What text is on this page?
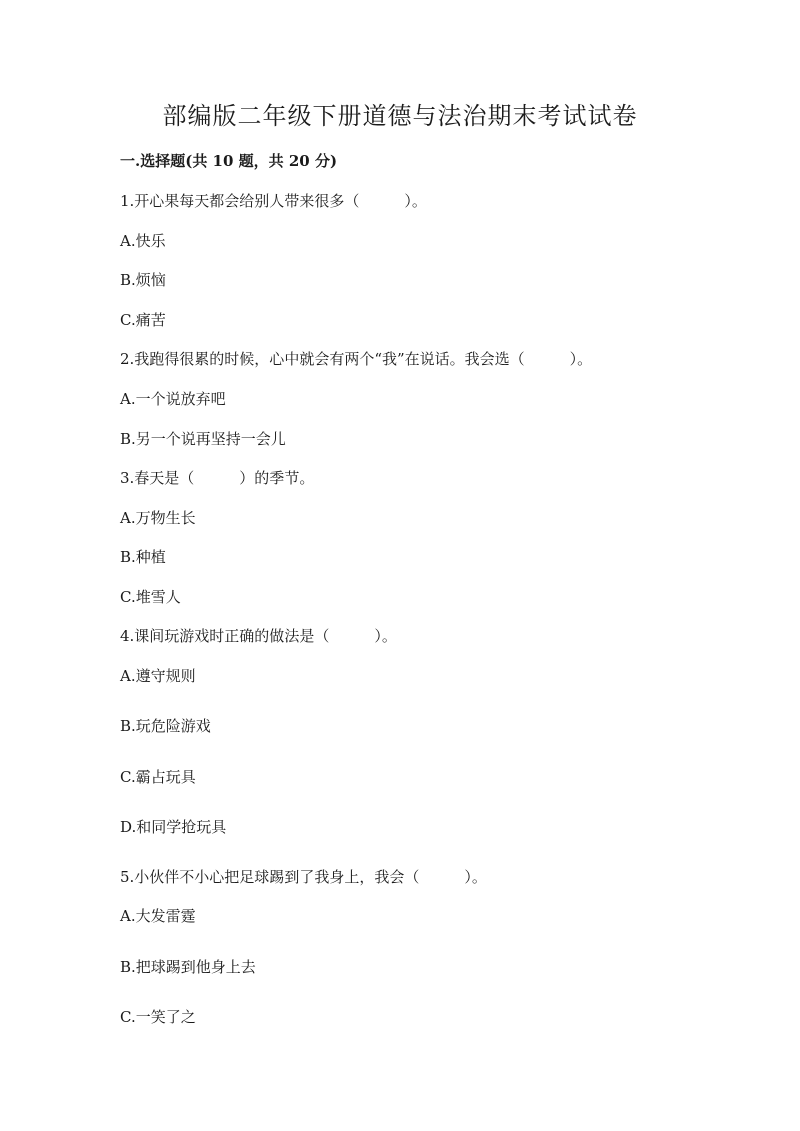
部编版二年级下册道德与法治期末考试试卷
一.选择题(共 10 题，共 20 分)
1.开心果每天都会给别人带来很多（　　　）。
A.快乐
B.烦恼
C.痛苦
2.我跑得很累的时候，心中就会有两个“我”在说话。我会选（　　　）。
A.一个说放弃吧
B.另一个说再坚持一会儿
3.春天是（　　　）的季节。
A.万物生长
B.种植
C.堆雪人
4.课间玩游戏时正确的做法是（　　　）。
A.遵守规则
B.玩危险游戏
C.霸占玩具
D.和同学抢玩具
5.小伙伴不小心把足球踢到了我身上，我会（　　　）。
A.大发雷霆
B.把球踢到他身上去
C.一笑了之
